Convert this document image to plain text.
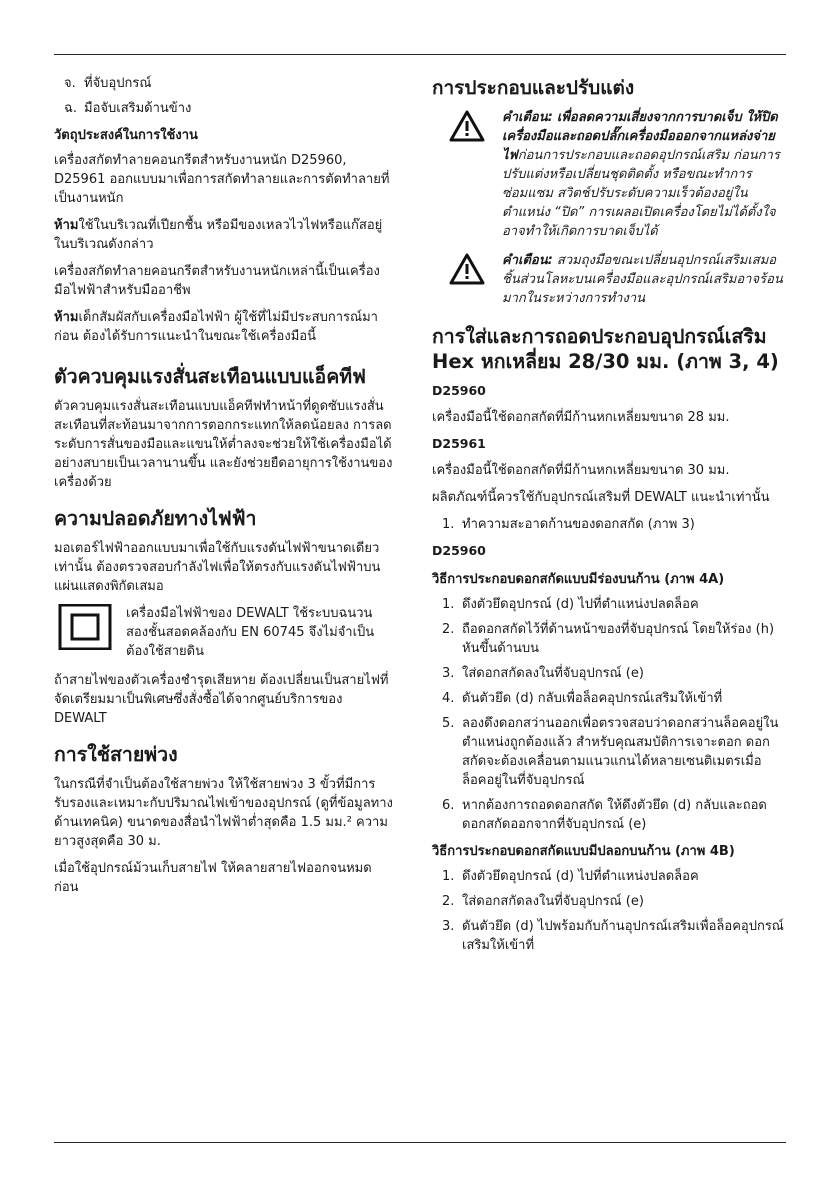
จ. ที่จับอุปกรณ์
ฉ. มือจับเสริมด้านข้าง
วัตถุประสงค์ในการใช้งาน

เครื่องสกัดทำลายคอนกรีตสำหรับงานหนัก D25960, D25961 ออกแบบมาเพื่อการสกัดทำลายและการตัดทำลายที่เป็นงานหนัก

ห้ามใช้ในบริเวณที่เปียกชื้น หรือมีของเหลวไวไฟหรือแก๊สอยู่ในบริเวณดังกล่าว

เครื่องสกัดทำลายคอนกรีตสำหรับงานหนักเหล่านี้เป็นเครื่องมือไฟฟ้าสำหรับมืออาชีพ

ห้ามเด็กสัมผัสกับเครื่องมือไฟฟ้า ผู้ใช้ที่ไม่มีประสบการณ์มาก่อน ต้องได้รับการแนะนำในขณะใช้เครื่องมือนี้

ตัวควบคุมแรงสั่นสะเทือนแบบแอ็คทีฟ

ตัวควบคุมแรงสั่นสะเทือนแบบแอ็คทีฟทำหน้าที่ดูดซับแรงสั่นสะเทือนที่สะท้อนมาจากการตอกกระแทกให้ลดน้อยลง การลดระดับการสั่นของมือและแขนให้ต่ำลงจะช่วยให้ใช้เครื่องมือได้อย่างสบายเป็นเวลานานขึ้น และยังช่วยยืดอายุการใช้งานของเครื่องด้วย

ความปลอดภัยทางไฟฟ้า

มอเตอร์ไฟฟ้าออกแบบมาเพื่อใช้กับแรงดันไฟฟ้าขนาดเดียวเท่านั้น ต้องตรวจสอบกำลังไฟเพื่อให้ตรงกับแรงดันไฟฟ้าบนแผ่นแสดงพิกัดเสมอ

เครื่องมือไฟฟ้าของ DEWALT ใช้ระบบฉนวนสองชั้นสอดคล้องกับ EN 60745 จึงไม่จำเป็นต้องใช้สายดิน

ถ้าสายไฟของตัวเครื่องชำรุดเสียหาย ต้องเปลี่ยนเป็นสายไฟที่จัดเตรียมมาเป็นพิเศษซึ่งสั่งซื้อได้จากศูนย์บริการของ DEWALT

การใช้สายพ่วง

ในกรณีที่จำเป็นต้องใช้สายพ่วง ให้ใช้สายพ่วง 3 ขั้วที่มีการรับรองและเหมาะกับปริมาณไฟเข้าของอุปกรณ์ (ดูที่ข้อมูลทางด้านเทคนิค) ขนาดของสื่อนำไฟฟ้าต่ำสุดคือ 1.5 มม.² ความยาวสูงสุดคือ 30 ม.

เมื่อใช้อุปกรณ์ม้วนเก็บสายไฟ ให้คลายสายไฟออกจนหมดก่อน

การประกอบและปรับแต่ง
คำเตือน: เพื่อลดความเสี่ยงจากการบาดเจ็บ ให้ปิดเครื่องมือและถอดปลั๊กเครื่องมือออกจากแหล่งจ่ายไฟก่อนการประกอบและถอดอุปกรณ์เสริม ก่อนการปรับแต่งหรือเปลี่ยนชุดติดตั้ง หรือขณะทำการซ่อมแซม สวิตช์ปรับระดับความเร็วต้องอยู่ในตำแหน่ง “ปิด” การเผลอเปิดเครื่องโดยไม่ได้ตั้งใจ อาจทำให้เกิดการบาดเจ็บได้
คำเตือน: สวมถุงมือขณะเปลี่ยนอุปกรณ์เสริมเสมอ ชิ้นส่วนโลหะบนเครื่องมือและอุปกรณ์เสริมอาจร้อนมากในระหว่างการทำงาน
การใส่และการถอดประกอบอุปกรณ์เสริม Hex หกเหลี่ยม 28/30 มม. (ภาพ 3, 4)
D25960

เครื่องมือนี้ใช้ดอกสกัดที่มีก้านหกเหลี่ยมขนาด 28 มม.

D25961

เครื่องมือนี้ใช้ดอกสกัดที่มีก้านหกเหลี่ยมขนาด 30 มม.

ผลิตภัณฑ์นี้ควรใช้กับอุปกรณ์เสริมที่ DEWALT แนะนำเท่านั้น

1. ทำความสะอาดก้านของดอกสกัด (ภาพ 3)
D25960
วิธีการประกอบดอกสกัดแบบมีร่องบนก้าน (ภาพ 4A)
1. ดึงตัวยึดอุปกรณ์ (d) ไปที่ตำแหน่งปลดล็อค
2. ถือดอกสกัดไว้ที่ด้านหน้าของที่จับอุปกรณ์ โดยให้ร่อง (h) หันขึ้นด้านบน
3. ใส่ดอกสกัดลงในที่จับอุปกรณ์ (e)
4. ดันตัวยึด (d) กลับเพื่อล็อคอุปกรณ์เสริมให้เข้าที่
5. ลองดึงดอกสว่านออกเพื่อตรวจสอบว่าดอกสว่านล็อคอยู่ในตำแหน่งถูกต้องแล้ว สำหรับคุณสมบัติการเจาะตอก ดอกสกัดจะต้องเคลื่อนตามแนวแกนได้หลายเซนติเมตรเมื่อล็อคอยู่ในที่จับอุปกรณ์
6. หากต้องการถอดดอกสกัด ให้ดึงตัวยึด (d) กลับและถอดดอกสกัดออกจากที่จับอุปกรณ์ (e)
วิธีการประกอบดอกสกัดแบบมีปลอกบนก้าน (ภาพ 4B)
1. ดึงตัวยึดอุปกรณ์ (d) ไปที่ตำแหน่งปลดล็อค
2. ใส่ดอกสกัดลงในที่จับอุปกรณ์ (e)
3. ดันตัวยึด (d) ไปพร้อมกับก้านอุปกรณ์เสริมเพื่อล็อคอุปกรณ์เสริมให้เข้าที่
